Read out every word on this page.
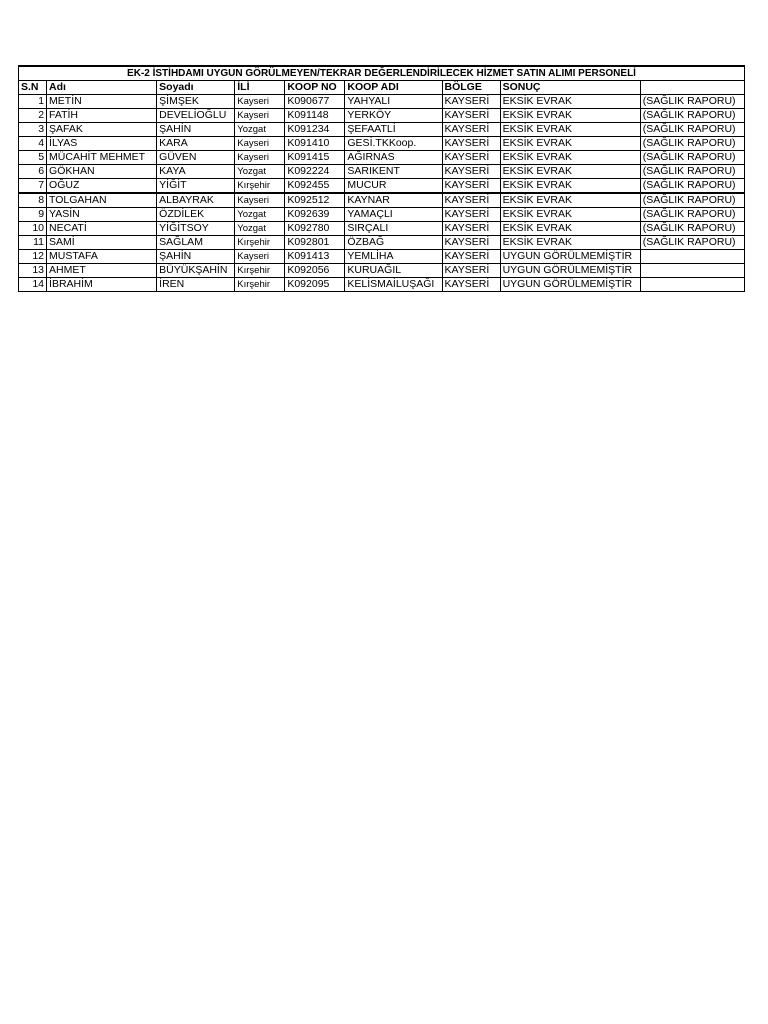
EK-2 İSTİHDAMI UYGUN GÖRÜLMEYEN/TEKRAR DEĞERLENDİRİLECEK HİZMET SATIN ALIMI PERSONELİ								
S.N	Adı	Soyadı	İLİ	KOOP NO	KOOP ADI	BÖLGE	SONUÇ	
1	METİN	ŞİMŞEK	Kayseri	K090677	YAHYALI	KAYSERİ	EKSİK EVRAK	(SAĞLIK RAPORU)
2	FATİH	DEVELİOĞLU	Kayseri	K091148	YERKÖY	KAYSERİ	EKSİK EVRAK	(SAĞLIK RAPORU)
3	ŞAFAK	ŞAHİN	Yozgat	K091234	ŞEFAATLİ	KAYSERİ	EKSİK EVRAK	(SAĞLIK RAPORU)
4	İLYAS	KARA	Kayseri	K091410	GESİ.TKKoop.	KAYSERİ	EKSİK EVRAK	(SAĞLIK RAPORU)
5	MÜCAHİT MEHMET	GÜVEN	Kayseri	K091415	AĞIRNAS	KAYSERİ	EKSİK EVRAK	(SAĞLIK RAPORU)
6	GÖKHAN	KAYA	Yozgat	K092224	SARIKENT	KAYSERİ	EKSİK EVRAK	(SAĞLIK RAPORU)
7	OĞUZ	YİĞİT	Kırşehir	K092455	MUCUR	KAYSERİ	EKSİK EVRAK	(SAĞLIK RAPORU)
8	TOLGAHAN	ALBAYRAK	Kayseri	K092512	KAYNAR	KAYSERİ	EKSİK EVRAK	(SAĞLIK RAPORU)
9	YASİN	ÖZDİLEK	Yozgat	K092639	YAMAÇLI	KAYSERİ	EKSİK EVRAK	(SAĞLIK RAPORU)
10	NECATİ	YİĞİTSOY	Yozgat	K092780	SIRÇALI	KAYSERİ	EKSİK EVRAK	(SAĞLIK RAPORU)
11	SAMİ	SAĞLAM	Kırşehir	K092801	ÖZBAĞ	KAYSERİ	EKSİK EVRAK	(SAĞLIK RAPORU)
12	MUSTAFA	ŞAHİN	Kayseri	K091413	YEMLİHA	KAYSERİ	UYGUN GÖRÜLMEMİŞTİR	
13	AHMET	BÜYÜKŞAHİN	Kırşehir	K092056	KURUAĞIL	KAYSERİ	UYGUN GÖRÜLMEMİŞTİR	
14	İBRAHİM	İREN	Kırşehir	K092095	KELİSMAİLUŞAĞI	KAYSERİ	UYGUN GÖRÜLMEMİŞTİR	
